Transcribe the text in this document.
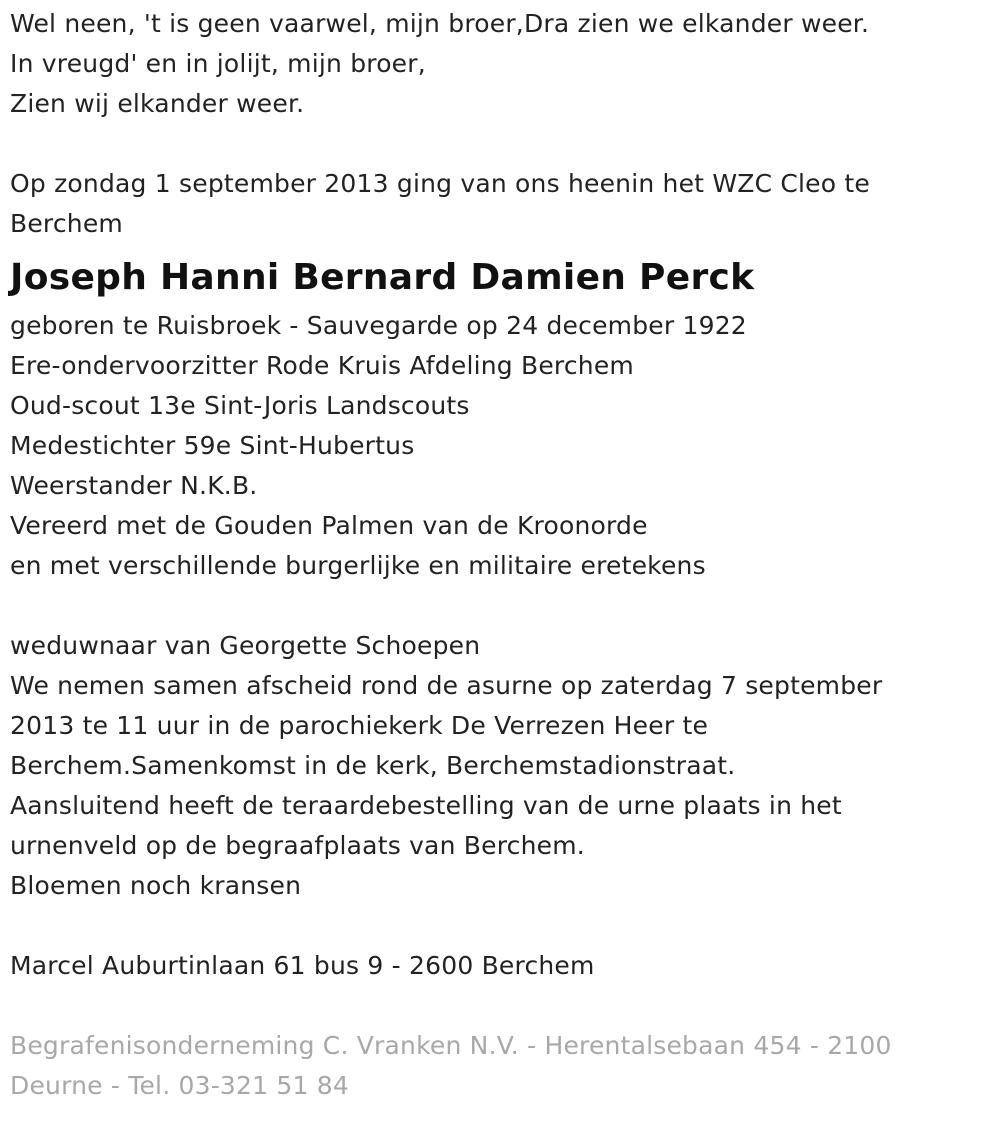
Wel neen, 't is geen vaarwel, mijn broer,Dra zien we elkander weer.
In vreugd' en in jolijt, mijn broer,
Zien wij elkander weer.
Op zondag 1 september 2013 ging van ons heenin het WZC Cleo te
Berchem
Joseph Hanni Bernard Damien Perck
geboren te Ruisbroek - Sauvegarde op 24 december 1922
Ere-ondervoorzitter Rode Kruis Afdeling Berchem
Oud-scout 13e Sint-Joris Landscouts
Medestichter 59e Sint-Hubertus
Weerstander N.K.B.
Vereerd met de Gouden Palmen van de Kroonorde
en met verschillende burgerlijke en militaire eretekens
weduwnaar van Georgette Schoepen
We nemen samen afscheid rond de asurne op zaterdag 7 september
2013 te 11 uur in de parochiekerk De Verrezen Heer te
Berchem.Samenkomst in de kerk, Berchemstadionstraat.
Aansluitend heeft de teraardebestelling van de urne plaats in het
urnenveld op de begraafplaats van Berchem.
Bloemen noch kransen
Marcel Auburtinlaan 61 bus 9 - 2600 Berchem
Begrafenisonderneming C. Vranken N.V. - Herentalsebaan 454 - 2100
Deurne - Tel. 03-321 51 84
